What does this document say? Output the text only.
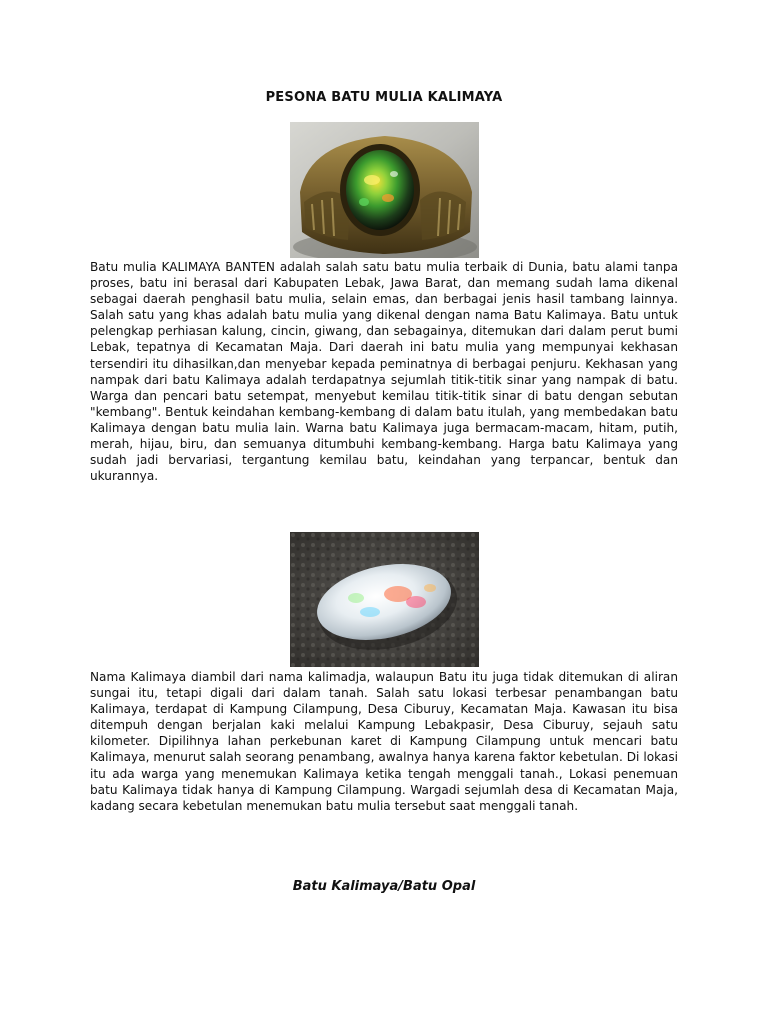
PESONA BATU MULIA KALIMAYA

Batu mulia KALIMAYA BANTEN adalah salah satu batu mulia terbaik di Dunia, batu alami tanpa proses, batu ini berasal dari Kabupaten Lebak, Jawa Barat, dan memang sudah lama dikenal sebagai daerah penghasil batu mulia, selain emas, dan berbagai jenis hasil tambang lainnya. Salah satu yang khas adalah batu mulia yang dikenal dengan nama Batu Kalimaya. Batu untuk pelengkap perhiasan kalung, cincin, giwang, dan sebagainya, ditemukan dari dalam perut bumi Lebak, tepatnya di Kecamatan Maja. Dari daerah ini batu mulia yang mempunyai kekhasan tersendiri itu dihasilkan,dan menyebar kepada peminatnya di berbagai penjuru. Kekhasan yang nampak dari batu Kalimaya adalah terdapatnya sejumlah titik-titik sinar yang nampak di batu. Warga dan pencari batu setempat, menyebut kemilau titik-titik sinar di batu dengan sebutan "kembang". Bentuk keindahan kembang-kembang di dalam batu itulah, yang membedakan batu Kalimaya dengan batu mulia lain. Warna batu Kalimaya juga bermacam-macam, hitam, putih, merah, hijau, biru, dan semuanya ditumbuhi kembang-kembang. Harga batu Kalimaya yang sudah jadi bervariasi, tergantung kemilau batu, keindahan yang terpancar, bentuk dan ukurannya.

Nama Kalimaya diambil dari nama kalimadja, walaupun Batu itu juga tidak ditemukan di aliran sungai itu, tetapi digali dari dalam tanah. Salah satu lokasi terbesar penambangan batu Kalimaya, terdapat di Kampung Cilampung, Desa Ciburuy, Kecamatan Maja. Kawasan itu bisa ditempuh dengan berjalan kaki melalui Kampung Lebakpasir, Desa Ciburuy, sejauh satu kilometer. Dipilihnya lahan perkebunan karet di Kampung Cilampung untuk mencari batu Kalimaya, menurut salah seorang penambang, awalnya hanya karena faktor kebetulan. Di lokasi itu ada warga yang menemukan Kalimaya ketika tengah menggali tanah., Lokasi penemuan batu Kalimaya tidak hanya di Kampung Cilampung. Wargadi sejumlah desa di Kecamatan Maja, kadang secara kebetulan menemukan batu mulia tersebut saat menggali tanah.

Batu Kalimaya/Batu Opal
